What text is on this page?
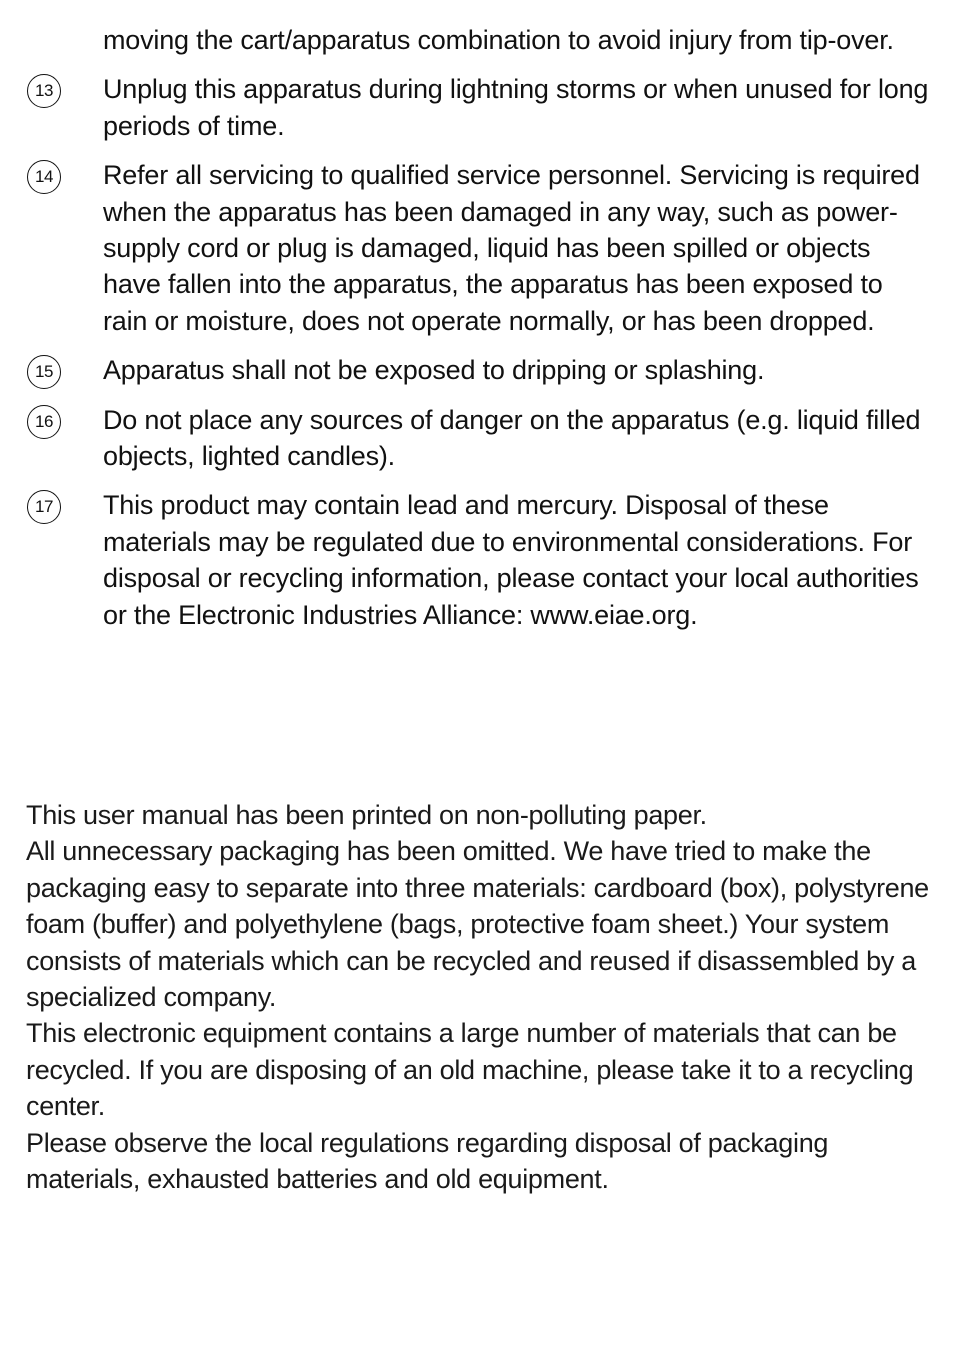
moving the cart/apparatus combination to avoid injury from tip-over.
13 Unplug this apparatus during lightning storms or when unused for long periods of time.
14 Refer all servicing to qualified service personnel. Servicing is required when the apparatus has been damaged in any way, such as power-supply cord or plug is damaged, liquid has been spilled or objects have fallen into the apparatus, the apparatus has been exposed to rain or moisture, does not operate normally, or has been dropped.
15 Apparatus shall not be exposed to dripping or splashing.
16 Do not place any sources of danger on the apparatus (e.g. liquid filled objects, lighted candles).
17 This product may contain lead and mercury. Disposal of these materials may be regulated due to environmental considerations. For disposal or recycling information, please contact your local authorities or the Electronic Industries Alliance: www.eiae.org.

This user manual has been printed on non-polluting paper.

All unnecessary packaging has been omitted. We have tried to make the packaging easy to separate into three materials: cardboard (box), polystyrene foam (buffer) and polyethylene (bags, protective foam sheet.) Your system consists of materials which can be recycled and reused if disassembled by a specialized company.

This electronic equipment contains a large number of materials that can be recycled. If you are disposing of an old machine, please take it to a recycling center.

Please observe the local regulations regarding disposal of packaging materials, exhausted batteries and old equipment.
